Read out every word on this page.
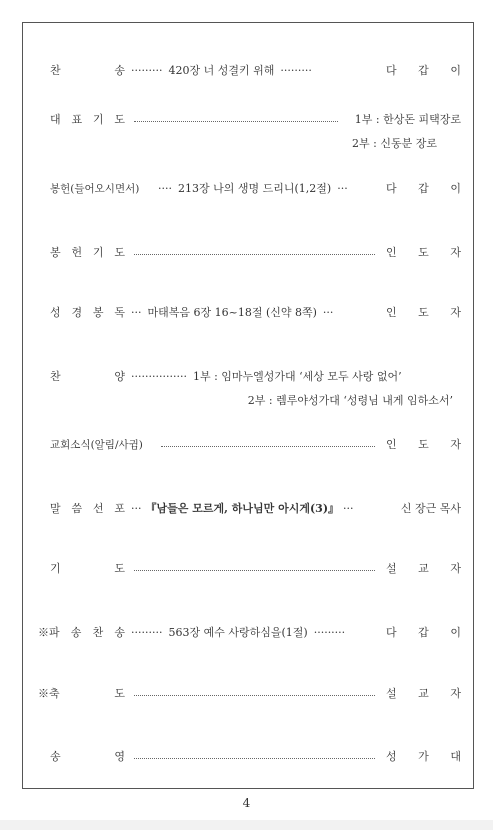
찬	송 ········· 420장 너 성결키 위해 ·········	다 갑 이
대 표 기 도	1부 : 한상돈 피택장로
2부 : 신동분 장로
봉헌(들어오시면서) ···· 213장 나의 생명 드리니(1,2절) ···	다 갑 이
봉 헌 기 도	인 도 자
성 경 봉 독 ··· 마태복음 6장 16~18절 (신약 8쪽) ···	인 도 자
찬	양 ················ 1부 : 임마누엘성가대 ‘세상 모두 사랑 없어’
2부 : 렘루야성가대 ‘성령님 내게 임하소서’
교회소식(알림/사귐)	인 도 자
말 씀 선 포 ··· 『남들은 모르게, 하나님만 아시게(3)』 ···	신 장근 목사
기	도	설 교 자
※파 송 찬 송 ········· 563장 예수 사랑하심을(1절) ·········	다 갑 이
※축	도	설 교 자
송	영	성 가 대
4
